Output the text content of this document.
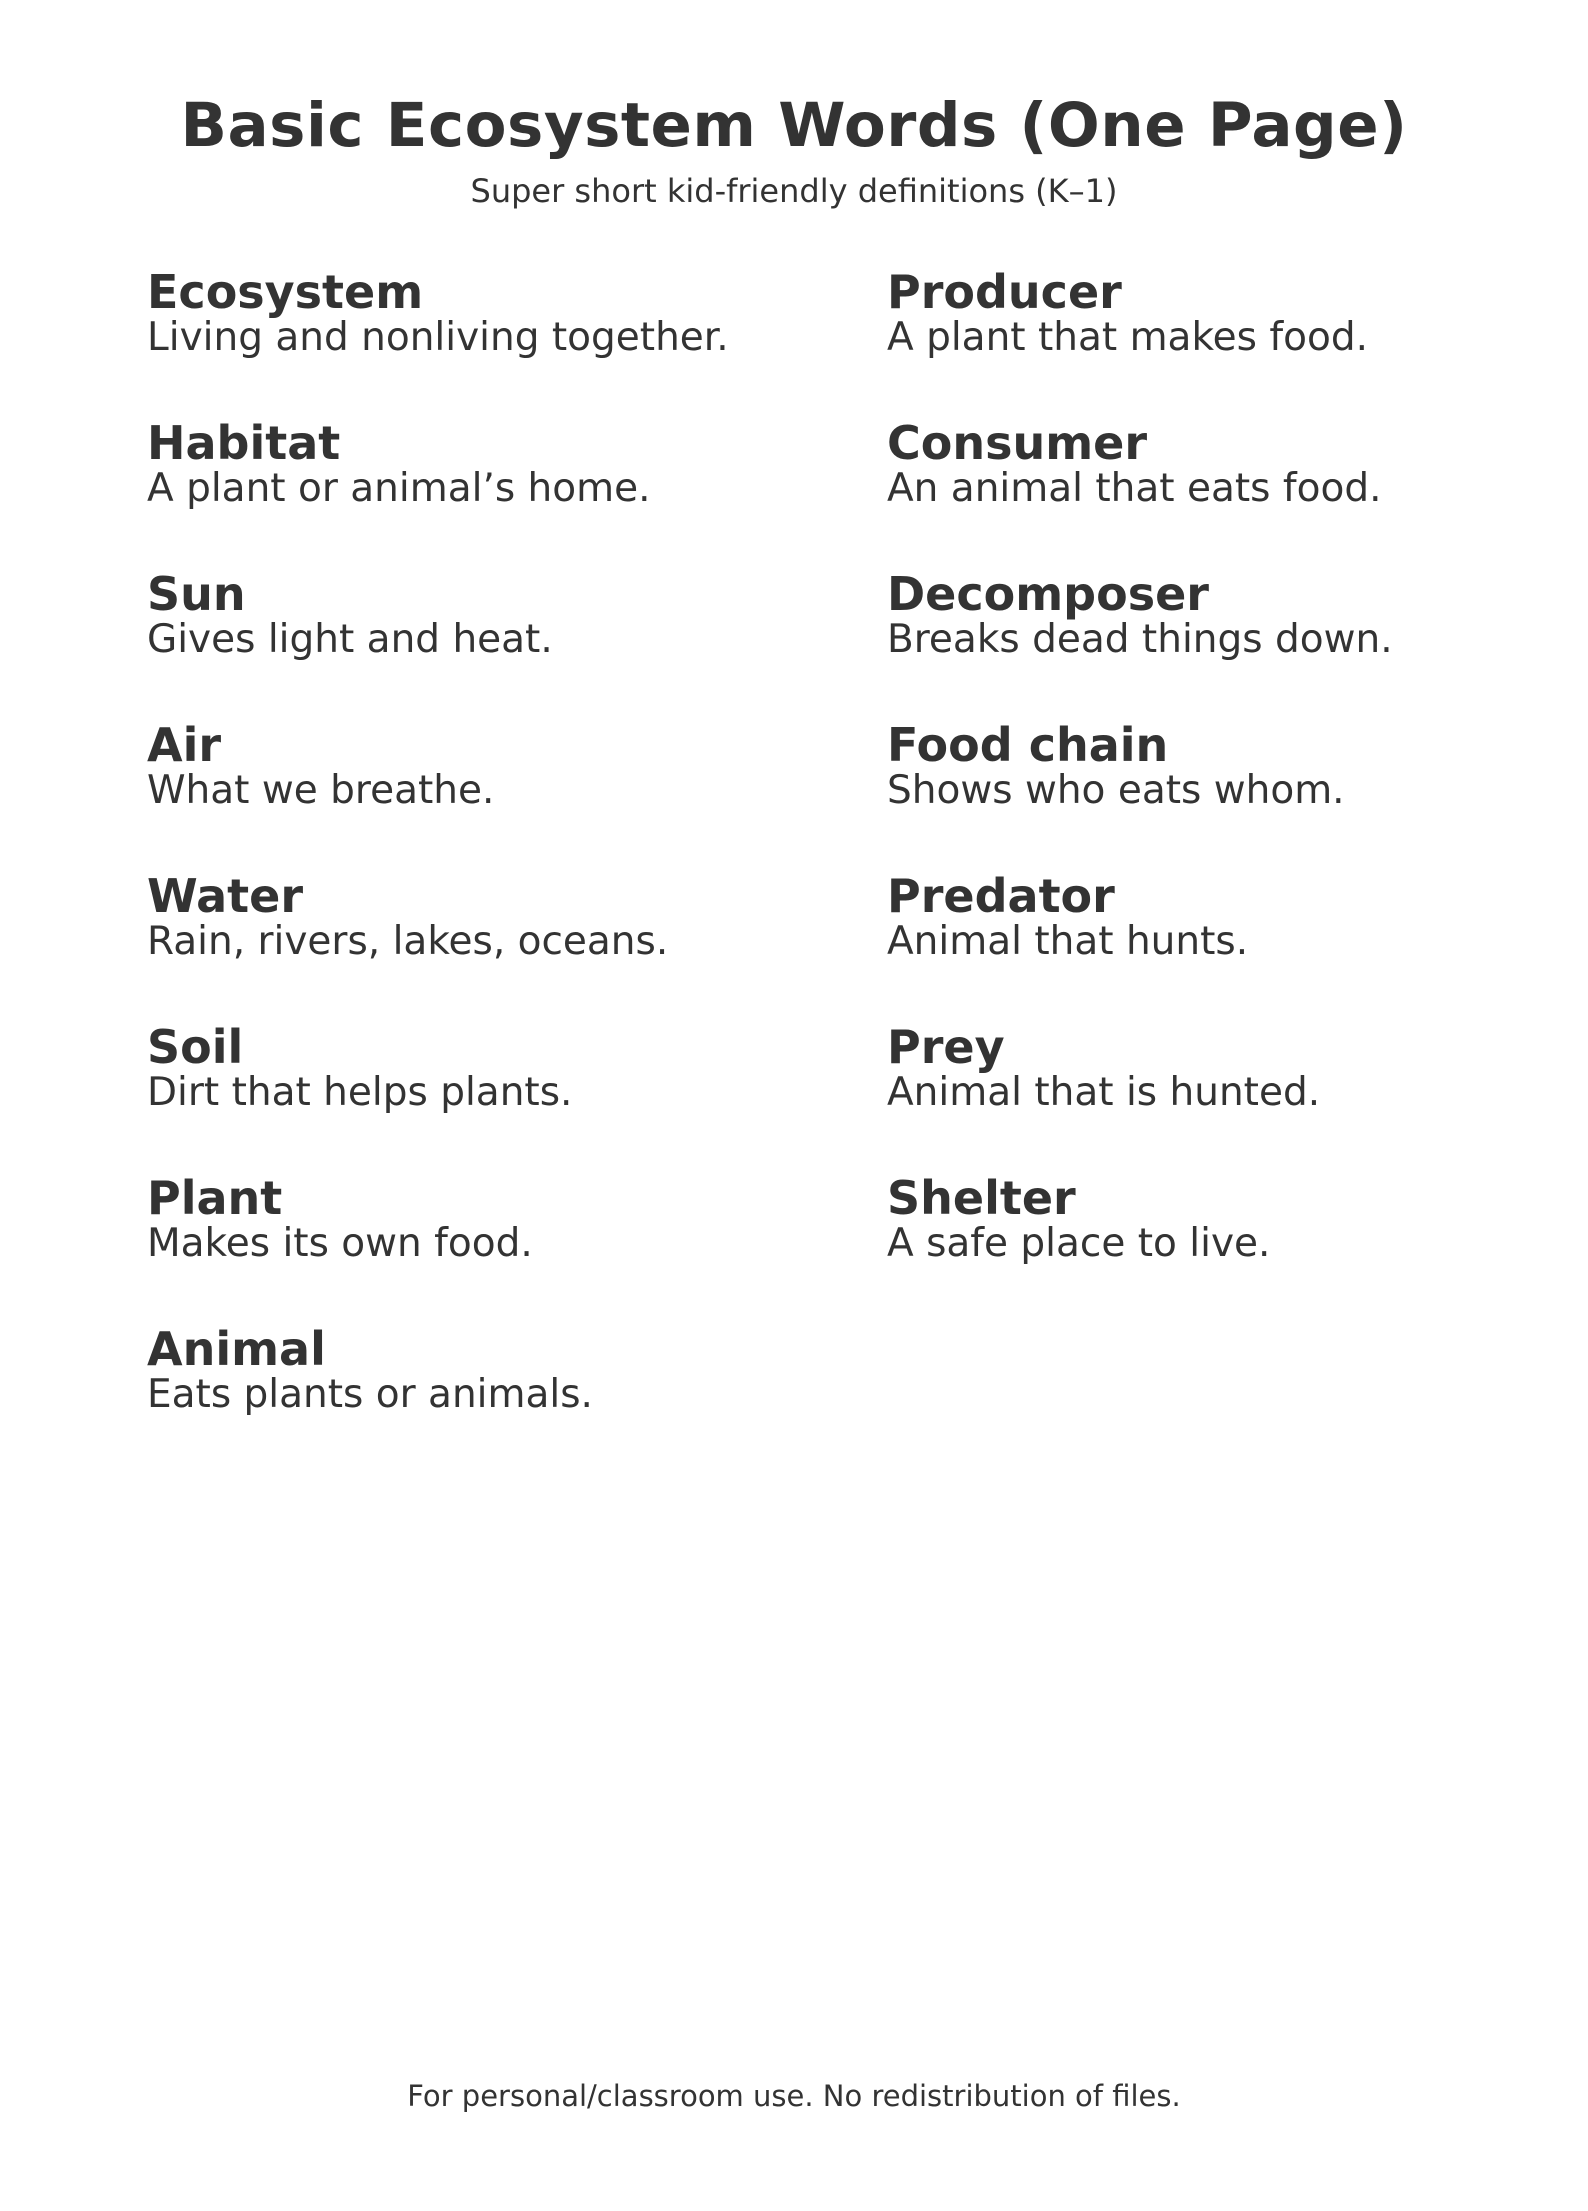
Basic Ecosystem Words (One Page)
Super short kid-friendly definitions (K–1)
Ecosystem
Living and nonliving together.
Habitat
A plant or animal’s home.
Sun
Gives light and heat.
Air
What we breathe.
Water
Rain, rivers, lakes, oceans.
Soil
Dirt that helps plants.
Plant
Makes its own food.
Animal
Eats plants or animals.
Producer
A plant that makes food.
Consumer
An animal that eats food.
Decomposer
Breaks dead things down.
Food chain
Shows who eats whom.
Predator
Animal that hunts.
Prey
Animal that is hunted.
Shelter
A safe place to live.
For personal/classroom use. No redistribution of files.
